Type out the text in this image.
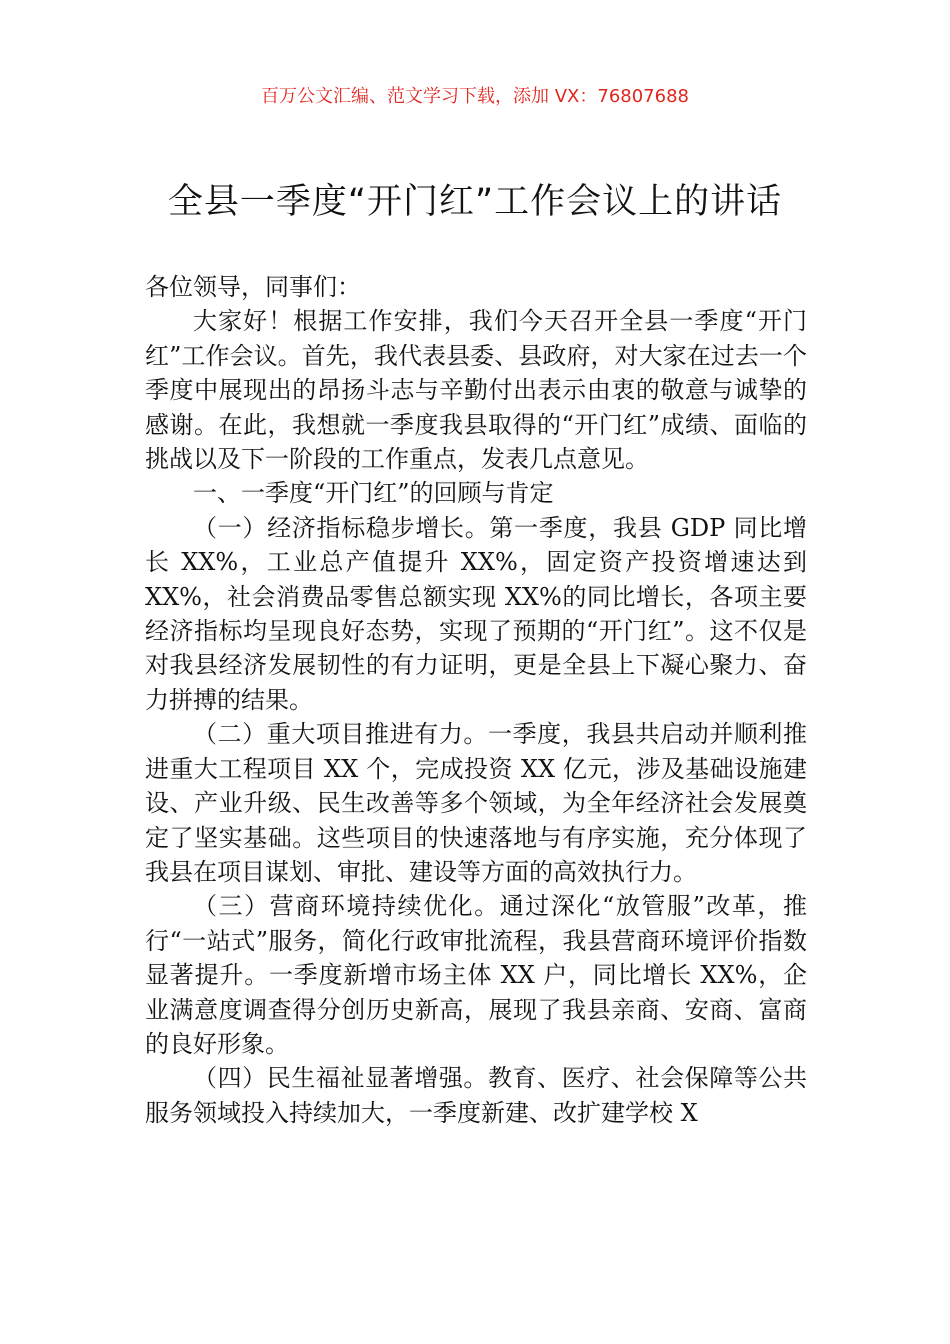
百万公文汇编、范文学习下载，添加 VX：76807688
全县一季度“开门红”工作会议上的讲话

各位领导，同事们：

大家好！根据工作安排，我们今天召开全县一季度“开门红”工作会议。首先，我代表县委、县政府，对大家在过去一个季度中展现出的昂扬斗志与辛勤付出表示由衷的敬意与诚挚的感谢。在此，我想就一季度我县取得的“开门红”成绩、面临的挑战以及下一阶段的工作重点，发表几点意见。

一、一季度“开门红”的回顾与肯定

（一）经济指标稳步增长。第一季度，我县 GDP 同比增长 XX%，工业总产值提升 XX%，固定资产投资增速达到 XX%，社会消费品零售总额实现 XX%的同比增长，各项主要经济指标均呈现良好态势，实现了预期的“开门红”。这不仅是对我县经济发展韧性的有力证明，更是全县上下凝心聚力、奋力拼搏的结果。

（二）重大项目推进有力。一季度，我县共启动并顺利推进重大工程项目 XX 个，完成投资 XX 亿元，涉及基础设施建设、产业升级、民生改善等多个领域，为全年经济社会发展奠定了坚实基础。这些项目的快速落地与有序实施，充分体现了我县在项目谋划、审批、建设等方面的高效执行力。

（三）营商环境持续优化。通过深化“放管服”改革，推行“一站式”服务，简化行政审批流程，我县营商环境评价指数显著提升。一季度新增市场主体 XX 户，同比增长 XX%，企业满意度调查得分创历史新高，展现了我县亲商、安商、富商的良好形象。

（四）民生福祉显著增强。教育、医疗、社会保障等公共服务领域投入持续加大，一季度新建、改扩建学校 X
